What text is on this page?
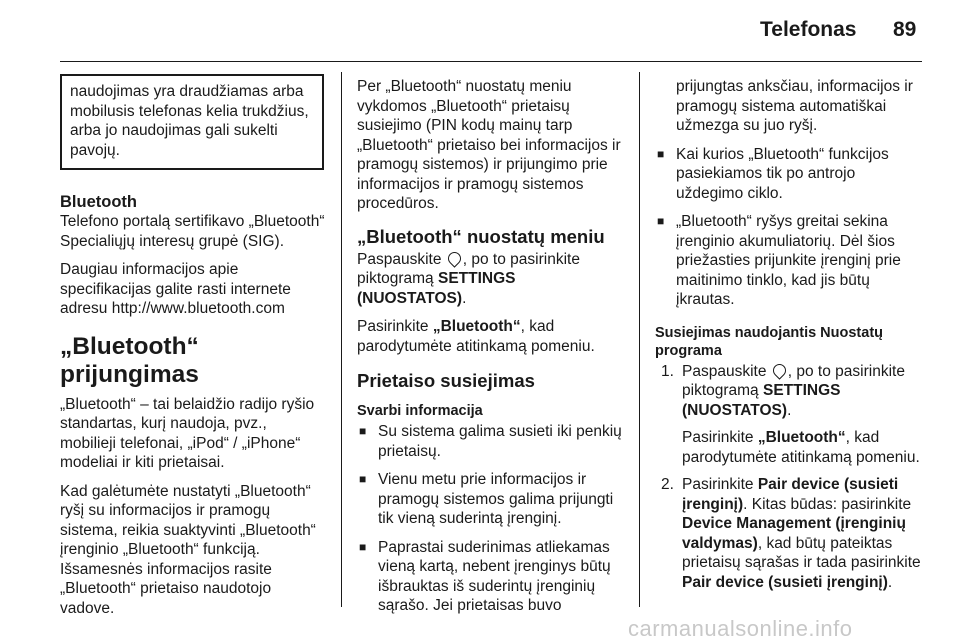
Telefonas 89
naudojimas yra draudžiamas arba mobilusis telefonas kelia trukdžius, arba jo naudojimas gali sukelti pavojų.
Bluetooth

Telefono portalą sertifikavo „Bluetooth“ Specialiųjų interesų grupė (SIG).

Daugiau informacijos apie specifikacijas galite rasti internete adresu http://www.bluetooth.com

„Bluetooth“ prijungimas

„Bluetooth“ – tai belaidžio radijo ryšio standartas, kurį naudoja, pvz., mobilieji telefonai, „iPod“ / „iPhone“ modeliai ir kiti prietaisai.

Kad galėtumėte nustatyti „Bluetooth“ ryšį su informacijos ir pramogų sistema, reikia suaktyvinti „Bluetooth“ įrenginio „Bluetooth“ funkciją. Išsamesnės informacijos rasite „Bluetooth“ prietaiso naudotojo vadove.

Per „Bluetooth“ nuostatų meniu vykdomos „Bluetooth“ prietaisų susiejimo (PIN kodų mainų tarp „Bluetooth“ prietaiso bei informacijos ir pramogų sistemos) ir prijungimo prie informacijos ir pramogų sistemos procedūros.

„Bluetooth“ nuostatų meniu

Paspauskite , po to pasirinkite piktogramą SETTINGS (NUOSTATOS).

Pasirinkite „Bluetooth“, kad parodytumėte atitinkamą pomeniu.

Prietaiso susiejimas
Svarbi informacija
■ Su sistema galima susieti iki penkių prietaisų.
■ Vienu metu prie informacijos ir pramogų sistemos galima prijungti tik vieną suderintą įrenginį.
■ Paprastai suderinimas atliekamas vieną kartą, nebent įrenginys būtų išbrauktas iš suderintų įrenginių sąrašo. Jei prietaisas buvo

prijungtas anksčiau, informacijos ir pramogų sistema automatiškai užmezga su juo ryšį.

■ Kai kurios „Bluetooth“ funkcijos pasiekiamos tik po antrojo uždegimo ciklo.
■ „Bluetooth“ ryšys greitai sekina įrenginio akumuliatorių. Dėl šios priežasties prijunkite įrenginį prie maitinimo tinklo, kad jis būtų įkrautas.
Susiejimas naudojantis Nuostatų programa
1. Paspauskite , po to pasirinkite piktogramą SETTINGS (NUOSTATOS).

Pasirinkite „Bluetooth“, kad parodytumėte atitinkamą pomeniu.

2. Pasirinkite Pair device (susieti įrenginį). Kitas būdas: pasirinkite Device Management (įrenginių valdymas), kad būtų pateiktas prietaisų sąrašas ir tada pasirinkite Pair device (susieti įrenginį).
carmanualsonline.info
